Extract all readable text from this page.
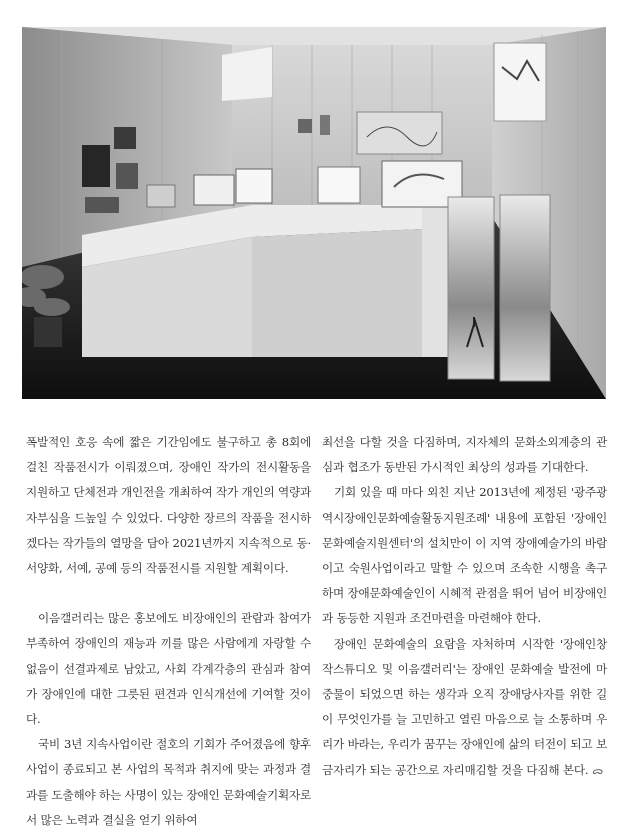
폭발적인 호응 속에 짧은 기간임에도 불구하고 총 8회에 걸친 작품전시가 이뤄졌으며, 장애인 작가의 전시활동을 지원하고 단체전과 개인전을 개최하여 작가 개인의 역량과 자부심을 드높일 수 있었다. 다양한 장르의 작품을 전시하겠다는 작가들의 열망을 담아 2021년까지 지속적으로 동·서양화, 서예, 공예 등의 작품전시를 지원할 계획이다.

이음갤러리는 많은 홍보에도 비장애인의 관람과 참여가 부족하여 장애인의 재능과 끼를 많은 사람에게 자랑할 수 없음이 선결과제로 남았고, 사회 각계각층의 관심과 참여가 장애인에 대한 그릇된 편견과 인식개선에 기여할 것이다.

국비 3년 지속사업이란 절호의 기회가 주어졌음에 향후 사업이 종료되고 본 사업의 목적과 취지에 맞는 과정과 결과를 도출해야 하는 사명이 있는 장애인 문화예술기획자로서 많은 노력과 결실을 얻기 위하여

최선을 다할 것을 다짐하며, 지자체의 문화소외계층의 관심과 협조가 동반된 가시적인 최상의 성과를 기대한다.

기회 있을 때 마다 외친 지난 2013년에 제정된 '광주광역시장애인문화예술활동지원조례' 내용에 포함된 '장애인문화예술지원센터'의 설치만이 이 지역 장애예술가의 바람이고 숙원사업이라고 말할 수 있으며 조속한 시행을 촉구하며 장애문화예술인이 시혜적 관점을 뛰어 넘어 비장애인과 동등한 지원과 조건마련을 마련해야 한다.

장애인 문화예술의 요람을 자처하며 시작한 '장애인창작스튜디오 및 이음갤러리'는 장애인 문화예술 발전에 마중물이 되었으면 하는 생각과 오직 장애당사자를 위한 길이 무엇인가를 늘 고민하고 열린 마음으로 늘 소통하며 우리가 바라는, 우리가 꿈꾸는 장애인에 삶의 터전이 되고 보금자리가 되는 공간으로 자리매김할 것을 다짐해 본다. ᯅ
